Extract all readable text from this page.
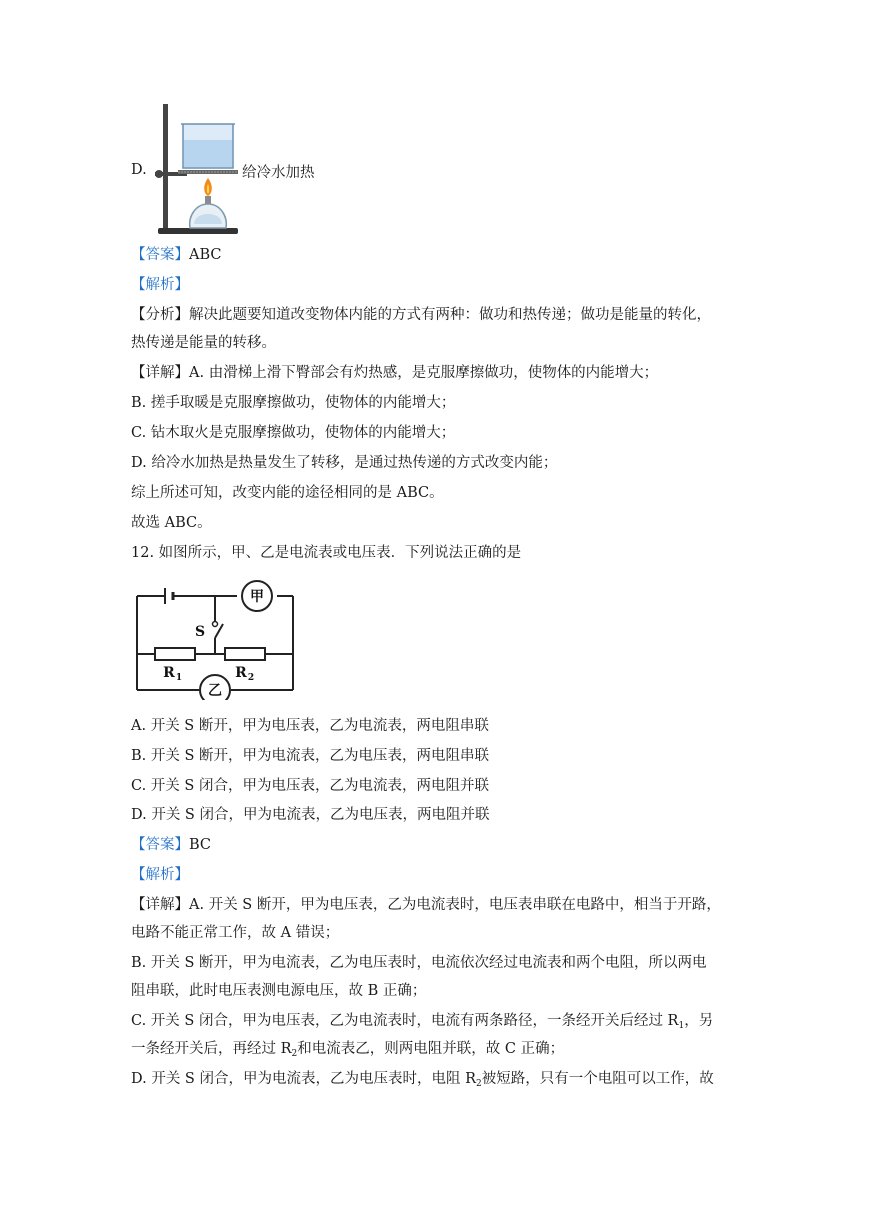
D.	给冷水加热
【答案】ABC
【解析】
【分析】解决此题要知道改变物体内能的方式有两种：做功和热传递；做功是能量的转化，
热传递是能量的转移。
【详解】A. 由滑梯上滑下臀部会有灼热感，是克服摩擦做功，使物体的内能增大；
B. 搓手取暖是克服摩擦做功，使物体的内能增大；
C. 钻木取火是克服摩擦做功，使物体的内能增大；
D. 给冷水加热是热量发生了转移，是通过热传递的方式改变内能；
综上所述可知，改变内能的途径相同的是 ABC。
故选 ABC。
12. 如图所示，甲、乙是电流表或电压表．下列说法正确的是
甲
乙
S
R 1	R 2
A. 开关 S 断开，甲为电压表，乙为电流表，两电阻串联
B. 开关 S 断开，甲为电流表，乙为电压表，两电阻串联
C. 开关 S 闭合，甲为电压表，乙为电流表，两电阻并联
D. 开关 S 闭合，甲为电流表，乙为电压表，两电阻并联
【答案】BC
【解析】
【详解】A. 开关 S 断开，甲为电压表，乙为电流表时，电压表串联在电路中，相当于开路，
电路不能正常工作，故 A 错误；
B. 开关 S 断开，甲为电流表，乙为电压表时，电流依次经过电流表和两个电阻，所以两电
阻串联，此时电压表测电源电压，故 B 正确；
C. 开关 S 闭合，甲为电压表，乙为电流表时，电流有两条路径，一条经开关后经过 $R_1$，另
一条经开关后，再经过 $R_2$和电流表乙，则两电阻并联，故 C 正确；
D. 开关 S 闭合，甲为电流表，乙为电压表时，电阻 $R_2$被短路，只有一个电阻可以工作，故
